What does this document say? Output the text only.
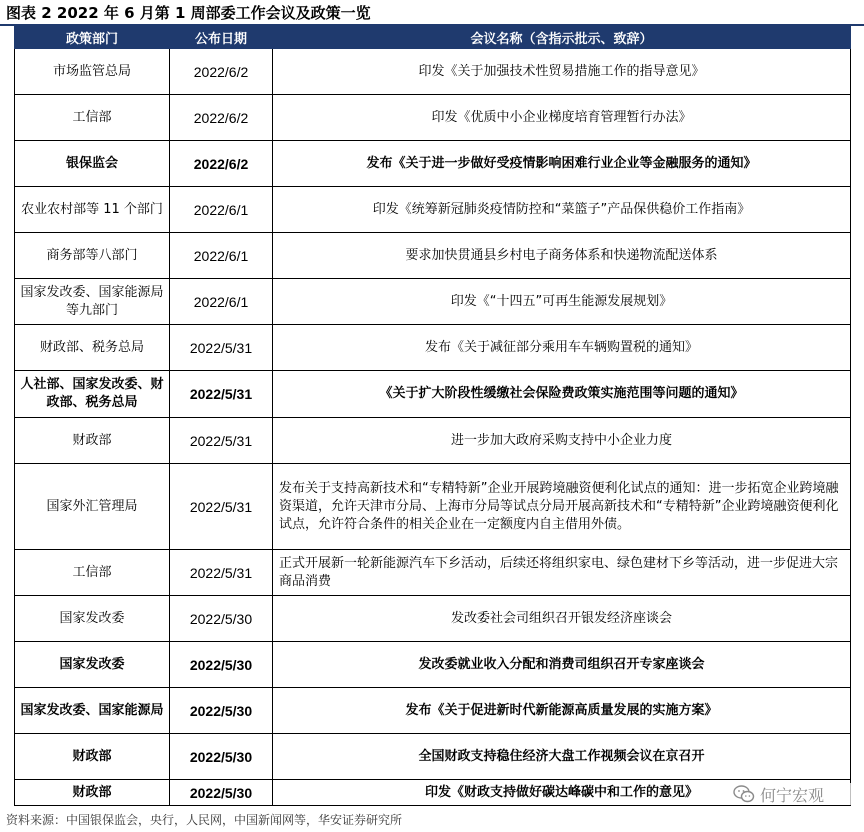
图表 2 2022 年 6 月第 1 周部委工作会议及政策一览
政策部门	公布日期	会议名称（含指示批示、致辞）
市场监管总局	2022/6/2	印发《关于加强技术性贸易措施工作的指导意见》
工信部	2022/6/2	印发《优质中小企业梯度培育管理暂行办法》
银保监会	2022/6/2	发布《关于进一步做好受疫情影响困难行业企业等金融服务的通知》
农业农村部等 11 个部门	2022/6/1	印发《统筹新冠肺炎疫情防控和“菜篮子”产品保供稳价工作指南》
商务部等八部门	2022/6/1	要求加快贯通县乡村电子商务体系和快递物流配送体系
国家发改委、国家能源局等九部门	2022/6/1	印发《“十四五”可再生能源发展规划》
财政部、税务总局	2022/5/31	发布《关于减征部分乘用车车辆购置税的通知》
人社部、国家发改委、财政部、税务总局	2022/5/31	《关于扩大阶段性缓缴社会保险费政策实施范围等问题的通知》
财政部	2022/5/31	进一步加大政府采购支持中小企业力度
国家外汇管理局	2022/5/31	发布关于支持高新技术和“专精特新”企业开展跨境融资便利化试点的通知：进一步拓宽企业跨境融资渠道，允许天津市分局、上海市分局等试点分局开展高新技术和“专精特新”企业跨境融资便利化试点，允许符合条件的相关企业在一定额度内自主借用外债。
工信部	2022/5/31	正式开展新一轮新能源汽车下乡活动，后续还将组织家电、绿色建材下乡等活动，进一步促进大宗商品消费
国家发改委	2022/5/30	发改委社会司组织召开银发经济座谈会
国家发改委	2022/5/30	发改委就业收入分配和消费司组织召开专家座谈会
国家发改委、国家能源局	2022/5/30	发布《关于促进新时代新能源高质量发展的实施方案》
财政部	2022/5/30	全国财政支持稳住经济大盘工作视频会议在京召开
财政部	2022/5/30	印发《财政支持做好碳达峰碳中和工作的意见》
资料来源：中国银保监会，央行，人民网，中国新闻网等，华安证券研究所
何宁宏观
